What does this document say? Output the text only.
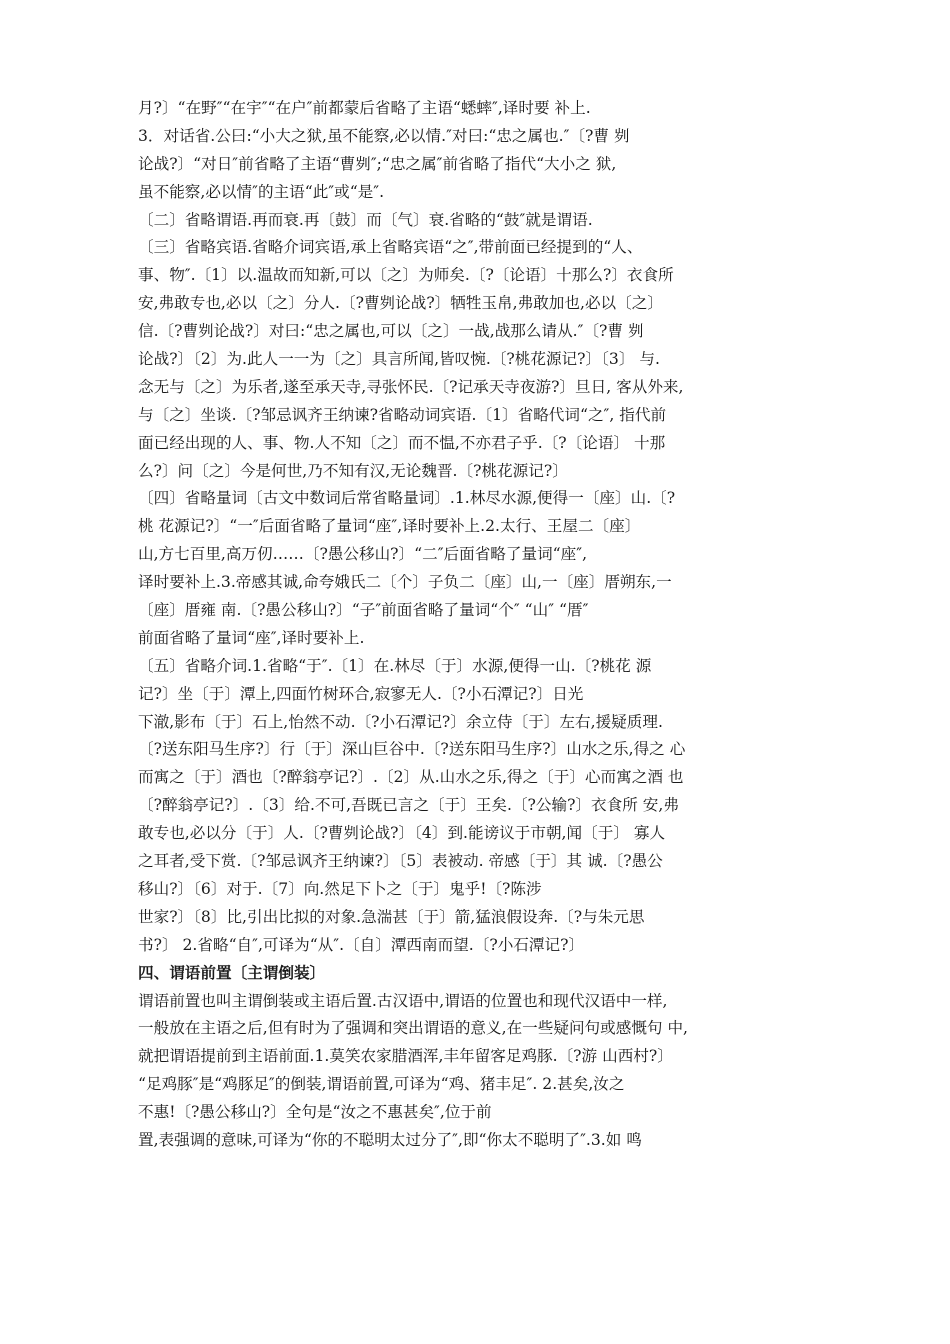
月?〕“在野″“在宇″“在户″前都蒙后省略了主语“蟋蟀″,译时要 补上.
3．对话省.公曰:“小大之狱,虽不能察,必以情.″对曰:“忠之属也.″〔?曹 刿
论战?〕“对日″前省略了主语“曹刿″;“忠之属″前省略了指代“大小之 狱,
虽不能察,必以情″的主语“此″或“是″.
〔二〕省略谓语.再而衰.再〔鼓〕而〔气〕衰.省略的“鼓″就是谓语.
〔三〕省略宾语.省略介词宾语,承上省略宾语“之″,带前面已经提到的“人、
事、物″.〔1〕以.温故而知新,可以〔之〕为师矣.〔?〔论语〕十那么?〕衣食所
安,弗敢专也,必以〔之〕分人.〔?曹刿论战?〕牺牲玉帛,弗敢加也,必以〔之〕
信.〔?曹刿论战?〕对曰:“忠之属也,可以〔之〕一战,战那么请从.″〔?曹 刿
论战?〕〔2〕为.此人一一为〔之〕具言所闻,皆叹惋.〔?桃花源记?〕〔3〕 与.
念无与〔之〕为乐者,遂至承天寺,寻张怀民.〔?记承天寺夜游?〕旦日, 客从外来,
与〔之〕坐谈.〔?邹忌讽齐王纳谏?省略动词宾语.〔1〕省略代词“之″, 指代前
面已经出现的人、事、物.人不知〔之〕而不愠,不亦君子乎.〔?〔论语〕 十那
么?〕问〔之〕今是何世,乃不知有汉,无论魏晋.〔?桃花源记?〕
〔四〕省略量词〔古文中数词后常省略量词〕.1.林尽水源,便得一〔座〕山.〔?
桃 花源记?〕“一″后面省略了量词“座″,译时要补上.2.太行、王屋二〔座〕
山,方七百里,高万仞……〔?愚公移山?〕“二″后面省略了量词“座″,
译时要补上.3.帝感其诚,命夸娥氏二〔个〕子负二〔座〕山,一〔座〕厝朔东,一
〔座〕厝雍 南.〔?愚公移山?〕“子″前面省略了量词“个″ “山″ “厝″
前面省略了量词“座″,译时要补上.
〔五〕省略介词.1.省略“于″.〔1〕在.林尽〔于〕水源,便得一山.〔?桃花 源
记?〕坐〔于〕潭上,四面竹树环合,寂寥无人.〔?小石潭记?〕日光
下澈,影布〔于〕石上,怡然不动.〔?小石潭记?〕余立侍〔于〕左右,援疑质理.
〔?送东阳马生序?〕行〔于〕深山巨谷中.〔?送东阳马生序?〕山水之乐,得之 心
而寓之〔于〕酒也〔?醉翁亭记?〕.〔2〕从.山水之乐,得之〔于〕心而寓之酒 也
〔?醉翁亭记?〕.〔3〕给.不可,吾既已言之〔于〕王矣.〔?公输?〕衣食所 安,弗
敢专也,必以分〔于〕人.〔?曹刿论战?〕〔4〕到.能谤议于市朝,闻〔于〕 寡人
之耳者,受下赏.〔?邹忌讽齐王纳谏?〕〔5〕表被动. 帝感〔于〕其 诚.〔?愚公
移山?〕〔6〕对于.〔7〕向.然足下卜之〔于〕鬼乎!〔?陈涉
世家?〕〔8〕比,引出比拟的对象.急湍甚〔于〕箭,猛浪假设奔.〔?与朱元思
书?〕 2.省略“自″,可译为“从″.〔自〕潭西南而望.〔?小石潭记?〕
四、谓语前置〔主谓倒装〕
谓语前置也叫主谓倒装或主语后置.古汉语中,谓语的位置也和现代汉语中一样,
一般放在主语之后,但有时为了强调和突出谓语的意义,在一些疑问句或感慨句 中,
就把谓语提前到主语前面.1.莫笑农家腊酒浑,丰年留客足鸡豚.〔?游 山西村?〕
“足鸡豚″是“鸡豚足″的倒装,谓语前置,可译为“鸡、猪丰足″. 2.甚矣,汝之
不惠!〔?愚公移山?〕全句是“汝之不惠甚矣″,位于前
置,表强调的意味,可译为“你的不聪明太过分了″,即“你太不聪明了″.3.如 鸣
